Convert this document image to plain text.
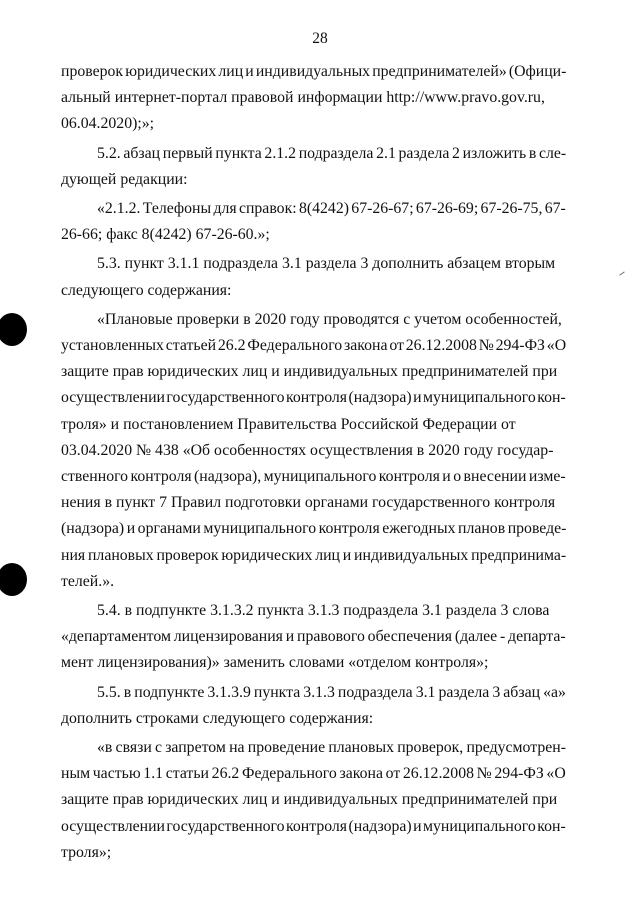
28
проверок юридических лиц и индивидуальных предпринимателей» (Офици-
альный интернет-портал правовой информации http://www.pravo.gov.ru,
06.04.2020);»;
5.2. абзац первый пункта 2.1.2 подраздела 2.1 раздела 2 изложить в сле-
дующей редакции:
«2.1.2. Телефоны для справок: 8(4242) 67-26-67; 67-26-69; 67-26-75, 67-
26-66; факс 8(4242) 67-26-60.»;
5.3. пункт 3.1.1 подраздела 3.1 раздела 3 дополнить абзацем вторым
следующего содержания:
«Плановые проверки в 2020 году проводятся с учетом особенностей,
установленных статьей 26.2 Федерального закона от 26.12.2008 № 294-ФЗ «О
защите прав юридических лиц и индивидуальных предпринимателей при
осуществлении государственного контроля (надзора) и муниципального кон-
троля» и постановлением Правительства Российской Федерации от
03.04.2020 № 438 «Об особенностях осуществления в 2020 году государ-
ственного контроля (надзора), муниципального контроля и о внесении изме-
нения в пункт 7 Правил подготовки органами государственного контроля
(надзора) и органами муниципального контроля ежегодных планов проведе-
ния плановых проверок юридических лиц и индивидуальных предпринима-
телей.».
5.4. в подпункте 3.1.3.2 пункта 3.1.3 подраздела 3.1 раздела 3 слова
«департаментом лицензирования и правового обеспечения (далее - департа-
мент лицензирования)» заменить словами «отделом контроля»;
5.5. в подпункте 3.1.3.9 пункта 3.1.3 подраздела 3.1 раздела 3 абзац «а»
дополнить строками следующего содержания:
«в связи с запретом на проведение плановых проверок, предусмотрен-
ным частью 1.1 статьи 26.2 Федерального закона от 26.12.2008 № 294-ФЗ «О
защите прав юридических лиц и индивидуальных предпринимателей при
осуществлении государственного контроля (надзора) и муниципального кон-
троля»;
